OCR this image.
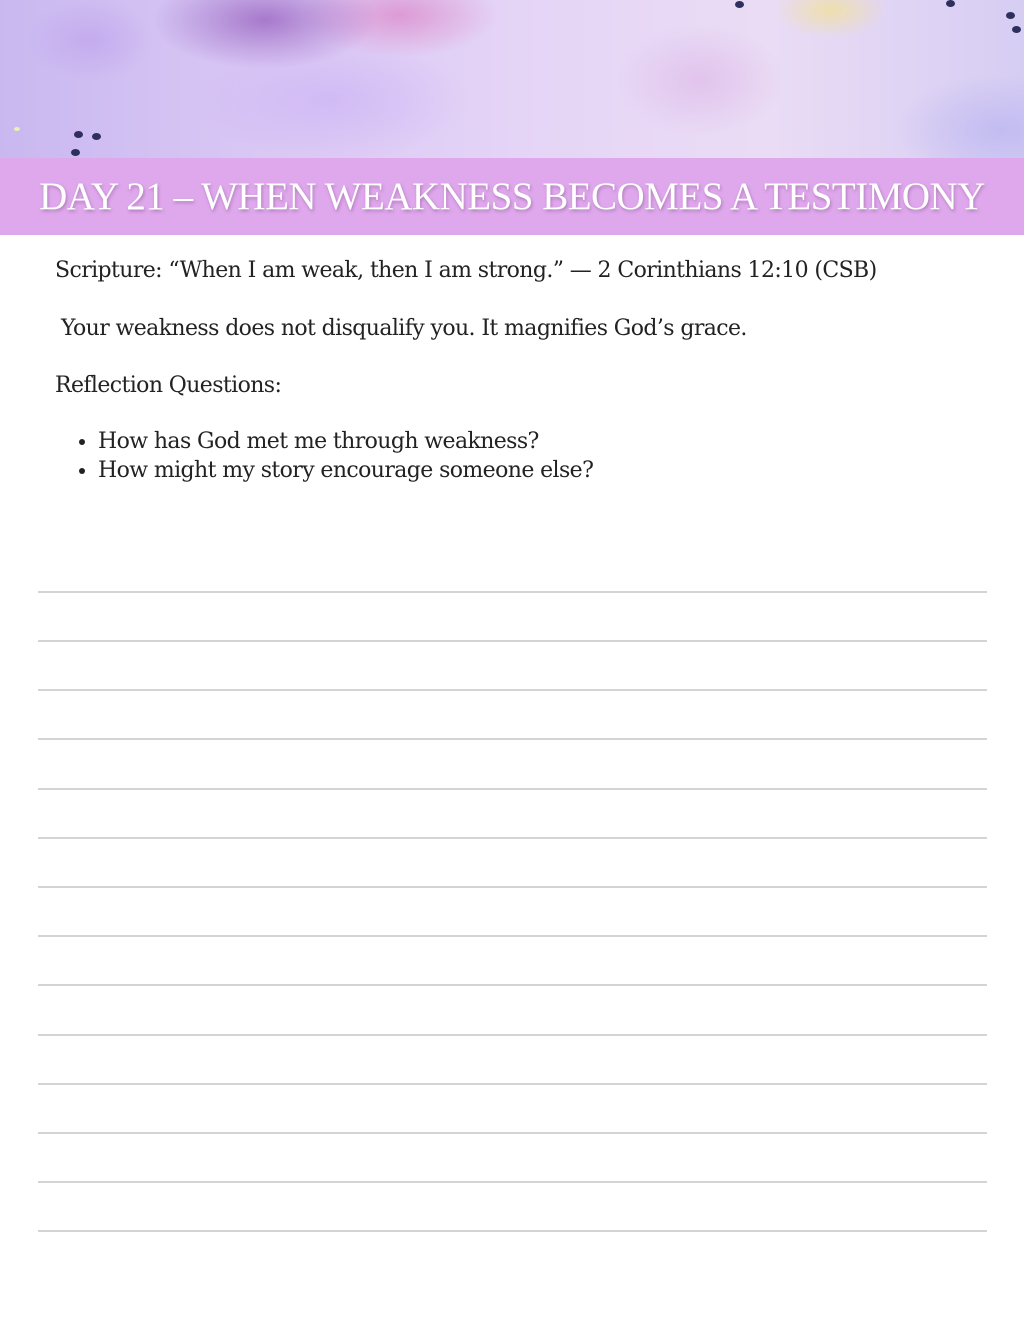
DAY 21 – WHEN WEAKNESS BECOMES A TESTIMONY

Scripture: “When I am weak, then I am strong.” — 2 Corinthians 12:10 (CSB)

Your weakness does not disqualify you. It magnifies God’s grace.

Reflection Questions:

• How has God met me through weakness?
• How might my story encourage someone else?
